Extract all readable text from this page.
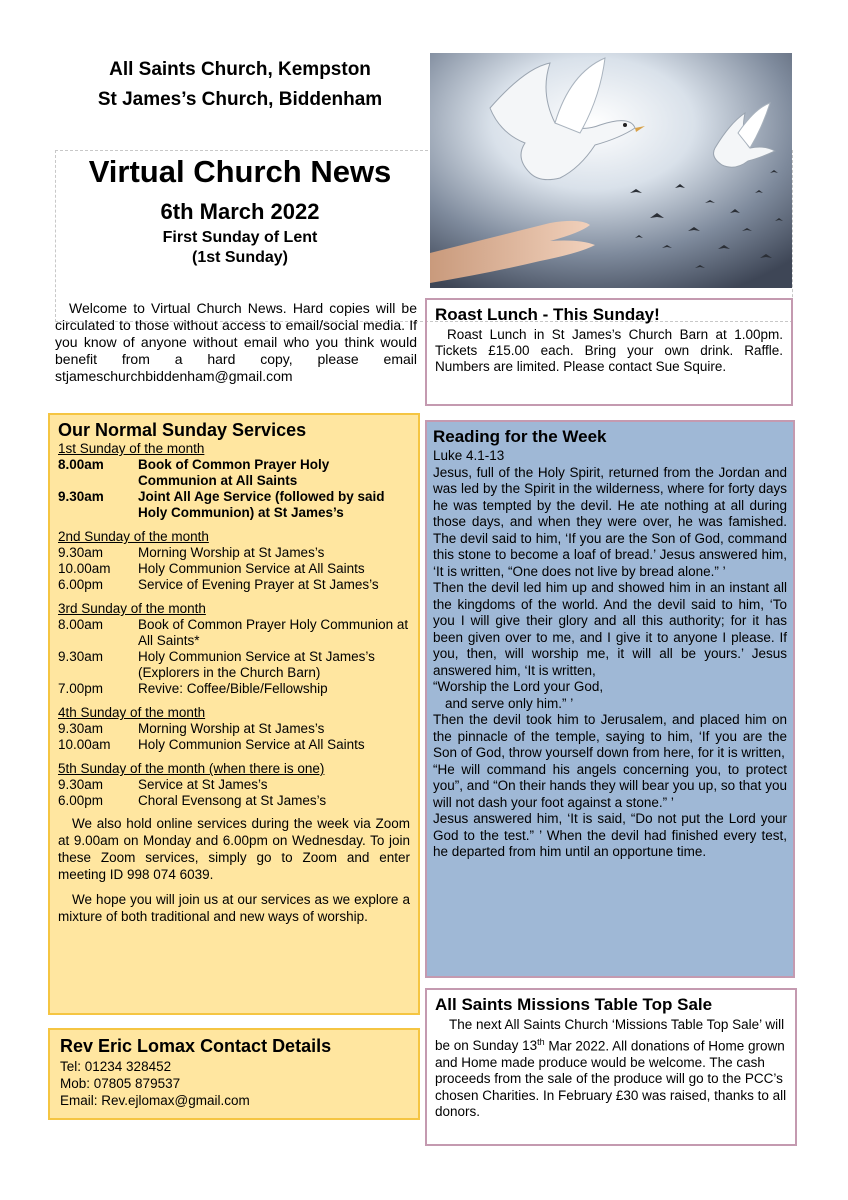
All Saints Church, Kempston
St James’s Church, Biddenham
Virtual Church News
6th March 2022
First Sunday of Lent
(1st Sunday)
Welcome to Virtual Church News. Hard copies will be circulated to those without access to email/social media. If you know of anyone without email who you think would benefit from a hard copy, please email stjameschurchbiddenham@gmail.com
Roast Lunch - This Sunday!
Roast Lunch in St James’s Church Barn at 1.00pm. Tickets £15.00 each. Bring your own drink. Raffle. Numbers are limited. Please contact Sue Squire.
Our Normal Sunday Services
1st Sunday of the month
8.00am	Book of Common Prayer Holy Communion at All Saints
9.30am	Joint All Age Service (followed by said Holy Communion) at St James’s
2nd Sunday of the month
9.30am	Morning Worship at St James’s
10.00am	Holy Communion Service at All Saints
6.00pm	Service of Evening Prayer at St James’s
3rd Sunday of the month
8.00am	Book of Common Prayer Holy Communion at All Saints*
9.30am	Holy Communion Service at St James’s (Explorers in the Church Barn)
7.00pm	Revive: Coffee/Bible/Fellowship
4th Sunday of the month
9.30am	Morning Worship at St James’s
10.00am	Holy Communion Service at All Saints
5th Sunday of the month (when there is one)
9.30am	Service at St James’s
6.00pm	Choral Evensong at St James’s
We also hold online services during the week via Zoom at 9.00am on Monday and 6.00pm on Wednesday. To join these Zoom services, simply go to Zoom and enter meeting ID 998 074 6039.
We hope you will join us at our services as we explore a mixture of both traditional and new ways of worship.
Rev Eric Lomax Contact Details
Tel: 01234 328452
Mob: 07805 879537
Email: Rev.ejlomax@gmail.com
Reading for the Week
Luke 4.1-13
Jesus, full of the Holy Spirit, returned from the Jordan and was led by the Spirit in the wilderness, where for forty days he was tempted by the devil. He ate nothing at all during those days, and when they were over, he was famished. The devil said to him, ‘If you are the Son of God, command this stone to become a loaf of bread.’ Jesus answered him, ‘It is written, “One does not live by bread alone.” ’
Then the devil led him up and showed him in an instant all the kingdoms of the world. And the devil said to him, ‘To you I will give their glory and all this authority; for it has been given over to me, and I give it to anyone I please. If you, then, will worship me, it will all be yours.’ Jesus answered him, ‘It is written,
“Worship the Lord your God,
and serve only him.” ’
Then the devil took him to Jerusalem, and placed him on the pinnacle of the temple, saying to him, ‘If you are the Son of God, throw yourself down from here, for it is written,
“He will command his angels concerning you, to protect you”, and “On their hands they will bear you up, so that you will not dash your foot against a stone.” ’
Jesus answered him, ‘It is said, “Do not put the Lord your God to the test.” ’ When the devil had finished every test, he departed from him until an opportune time.
All Saints Missions Table Top Sale
The next All Saints Church ‘Missions Table Top Sale’ will be on Sunday 13th Mar 2022. All donations of Home grown and Home made produce would be welcome. The cash proceeds from the sale of the produce will go to the PCC’s chosen Charities. In February £30 was raised, thanks to all donors.
